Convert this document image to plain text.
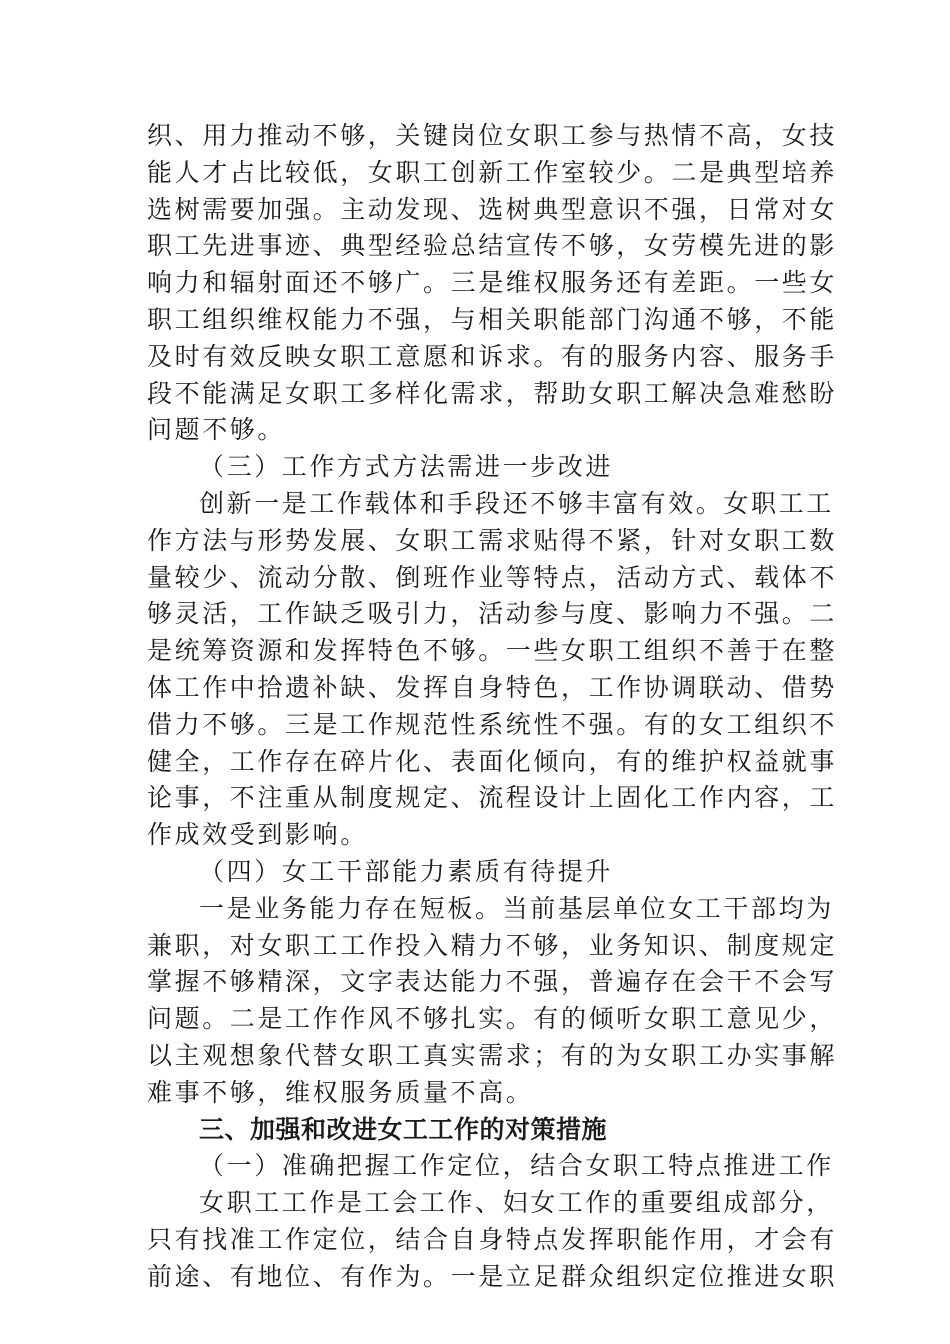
织、用力推动不够，关键岗位女职工参与热情不高，女技
能人才占比较低，女职工创新工作室较少。二是典型培养
选树需要加强。主动发现、选树典型意识不强，日常对女
职工先进事迹、典型经验总结宣传不够，女劳模先进的影
响力和辐射面还不够广。三是维权服务还有差距。一些女
职工组织维权能力不强，与相关职能部门沟通不够，不能
及时有效反映女职工意愿和诉求。有的服务内容、服务手
段不能满足女职工多样化需求，帮助女职工解决急难愁盼
问题不够。
（三）工作方式方法需进一步改进
创新一是工作载体和手段还不够丰富有效。女职工工
作方法与形势发展、女职工需求贴得不紧，针对女职工数
量较少、流动分散、倒班作业等特点，活动方式、载体不
够灵活，工作缺乏吸引力，活动参与度、影响力不强。二
是统筹资源和发挥特色不够。一些女职工组织不善于在整
体工作中拾遗补缺、发挥自身特色，工作协调联动、借势
借力不够。三是工作规范性系统性不强。有的女工组织不
健全，工作存在碎片化、表面化倾向，有的维护权益就事
论事，不注重从制度规定、流程设计上固化工作内容，工
作成效受到影响。
（四）女工干部能力素质有待提升
一是业务能力存在短板。当前基层单位女工干部均为
兼职，对女职工工作投入精力不够，业务知识、制度规定
掌握不够精深，文字表达能力不强，普遍存在会干不会写
问题。二是工作作风不够扎实。有的倾听女职工意见少，
以主观想象代替女职工真实需求；有的为女职工办实事解
难事不够，维权服务质量不高。
三、加强和改进女工工作的对策措施
（一）准确把握工作定位，结合女职工特点推进工作
女职工工作是工会工作、妇女工作的重要组成部分，
只有找准工作定位，结合自身特点发挥职能作用，才会有
前途、有地位、有作为。一是立足群众组织定位推进女职
